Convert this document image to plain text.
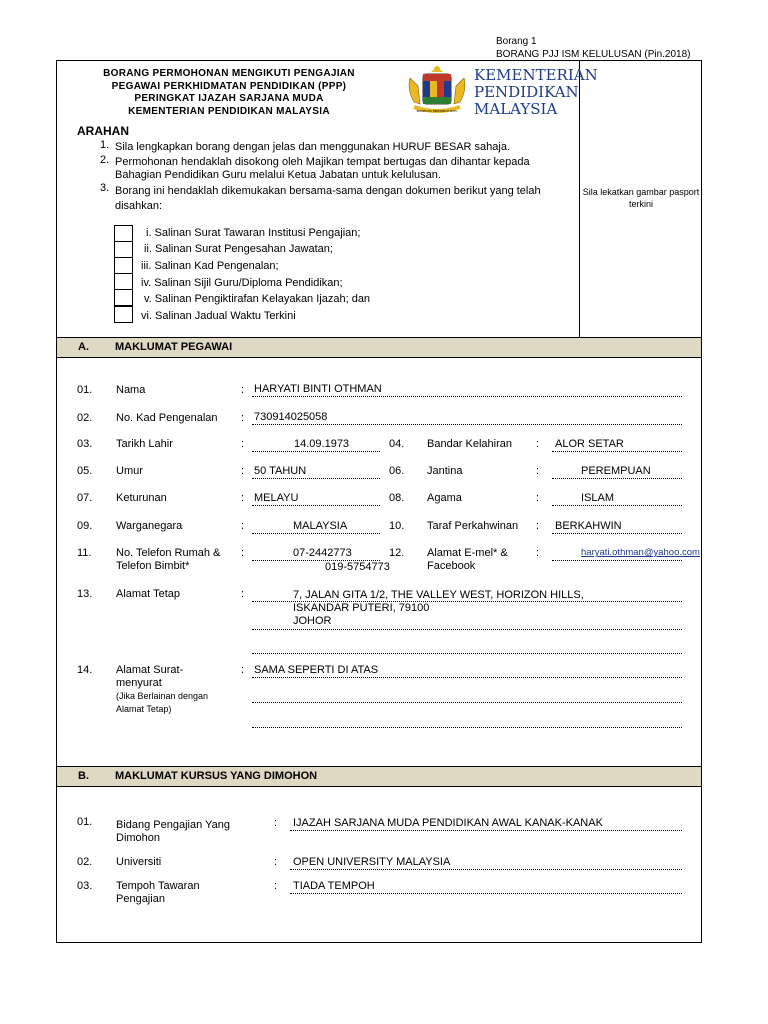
Borang 1
BORANG PJJ ISM KELULUSAN (Pin.2018)
BORANG PERMOHONAN MENGIKUTI PENGAJIAN
PEGAWAI PERKHIDMATAN PENDIDIKAN (PPP)
PERINGKAT IJAZAH SARJANA MUDA
KEMENTERIAN PENDIDIKAN MALAYSIA	BERSEKUTU BERTAMBAH MUTU
KEMENTERIAN
PENDIDIKAN
MALAYSIA
ARAHAN
1. Sila lengkapkan borang dengan jelas dan menggunakan HURUF BESAR sahaja.
2. Permohonan hendaklah disokong oleh Majikan tempat bertugas dan dihantar kepada Bahagian Pendidikan Guru melalui Ketua Jabatan untuk kelulusan.
3. Borang ini hendaklah dikemukakan bersama-sama dengan dokumen berikut yang telah disahkan:
Sila lekatkan gambar pasport terkini
i. Salinan Surat Tawaran Institusi Pengajian;
ii. Salinan Surat Pengesahan Jawatan;
iii. Salinan Kad Pengenalan;
iv. Salinan Sijil Guru/Diploma Pendidikan;
v. Salinan Pengiktirafan Kelayakan Ijazah; dan
vi. Salinan Jadual Waktu Terkini
A. MAKLUMAT PEGAWAI
01. Nama	: HARYATI BINTI OTHMAN
02. No. Kad Pengenalan : 730914025058
03. Tarikh Lahir	:	14.09.1973	04. Bandar Kelahiran : ALOR SETAR
05. Umur	: 50 TAHUN	06. Jantina	:	PEREMPUAN
07. Keturunan	: MELAYU	08. Agama	:	ISLAM
09. Warganegara	:	MALAYSIA	10. Taraf Perkahwinan : BERKAHWIN
11. No. Telefon Rumah &
Telefon Bimbit*
:	07-2442773
019-5754773
12. Alamat E-mel* &
Facebook
:	haryati.othman@yahoo.com
13. Alamat Tetap	:	7, JALAN GITA 1/2, THE VALLEY WEST, HORIZON HILLS,
ISKANDAR PUTERI, 79100
JOHOR
14. Alamat Surat-
menyurat
(Jika Berlainan dengan
Alamat Tetap)
: SAMA SEPERTI DI ATAS
B. MAKLUMAT KURSUS YANG DIMOHON
01. Bidang Pengajian Yang
Dimohon
: IJAZAH SARJANA MUDA PENDIDIKAN AWAL KANAK-KANAK
02. Universiti	: OPEN UNIVERSITY MALAYSIA
03. Tempoh Tawaran
Pengajian
: TIADA TEMPOH
